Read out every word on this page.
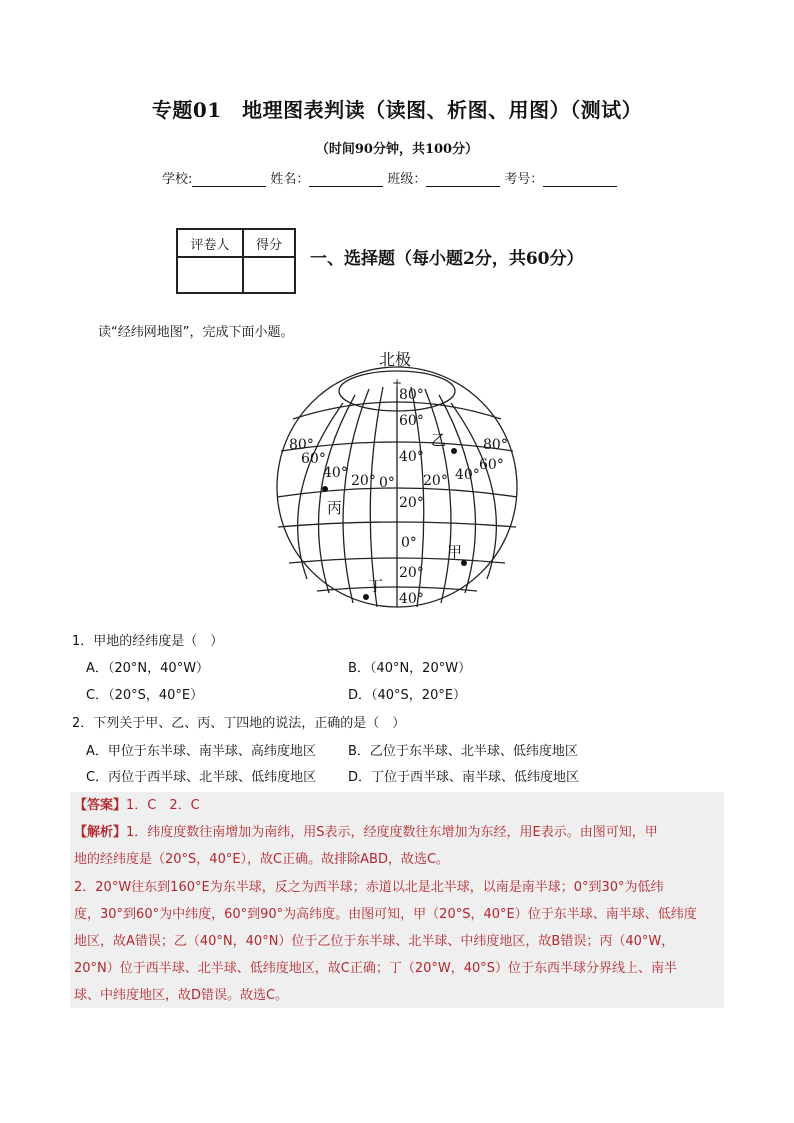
专题01　地理图表判读（读图、析图、用图）（测试）
（时间90分钟，共100分）
学校:	姓名：	班级：	考号：
评卷人	得分

一、选择题（每小题2分，共60分）
读“经纬网地图”，完成下面小题。
+
北极
80°
60°
40°
20°
0°
20°
40°
80°
60°
40° 20° 0° 20° 40°
60°
80°
乙
丙
甲
丁
1．甲地的经纬度是（　）
A．（20°N，40°W）	B．（40°N，20°W）
C．（20°S，40°E）	D．（40°S，20°E）
2．下列关于甲、乙、丙、丁四地的说法，正确的是（　）
A．甲位于东半球、南半球、高纬度地区 B．乙位于东半球、北半球、低纬度地区
C．丙位于西半球、北半球、低纬度地区 D．丁位于西半球、南半球、低纬度地区
【答案】1．C　2．C
【解析】1．纬度度数往南增加为南纬，用S表示，经度度数往东增加为东经，用E表示。由图可知，甲
地的经纬度是（20°S，40°E），故C正确。故排除ABD，故选C。
2．20°W往东到160°E为东半球，反之为西半球；赤道以北是北半球，以南是南半球；0°到30°为低纬
度，30°到60°为中纬度，60°到90°为高纬度。由图可知，甲（20°S，40°E）位于东半球、南半球、低纬度
地区，故A错误；乙（40°N，40°N）位于乙位于东半球、北半球、中纬度地区，故B错误；丙（40°W，
20°N）位于西半球、北半球、低纬度地区，故C正确；丁（20°W，40°S）位于东西半球分界线上、南半
球、中纬度地区，故D错误。故选C。
